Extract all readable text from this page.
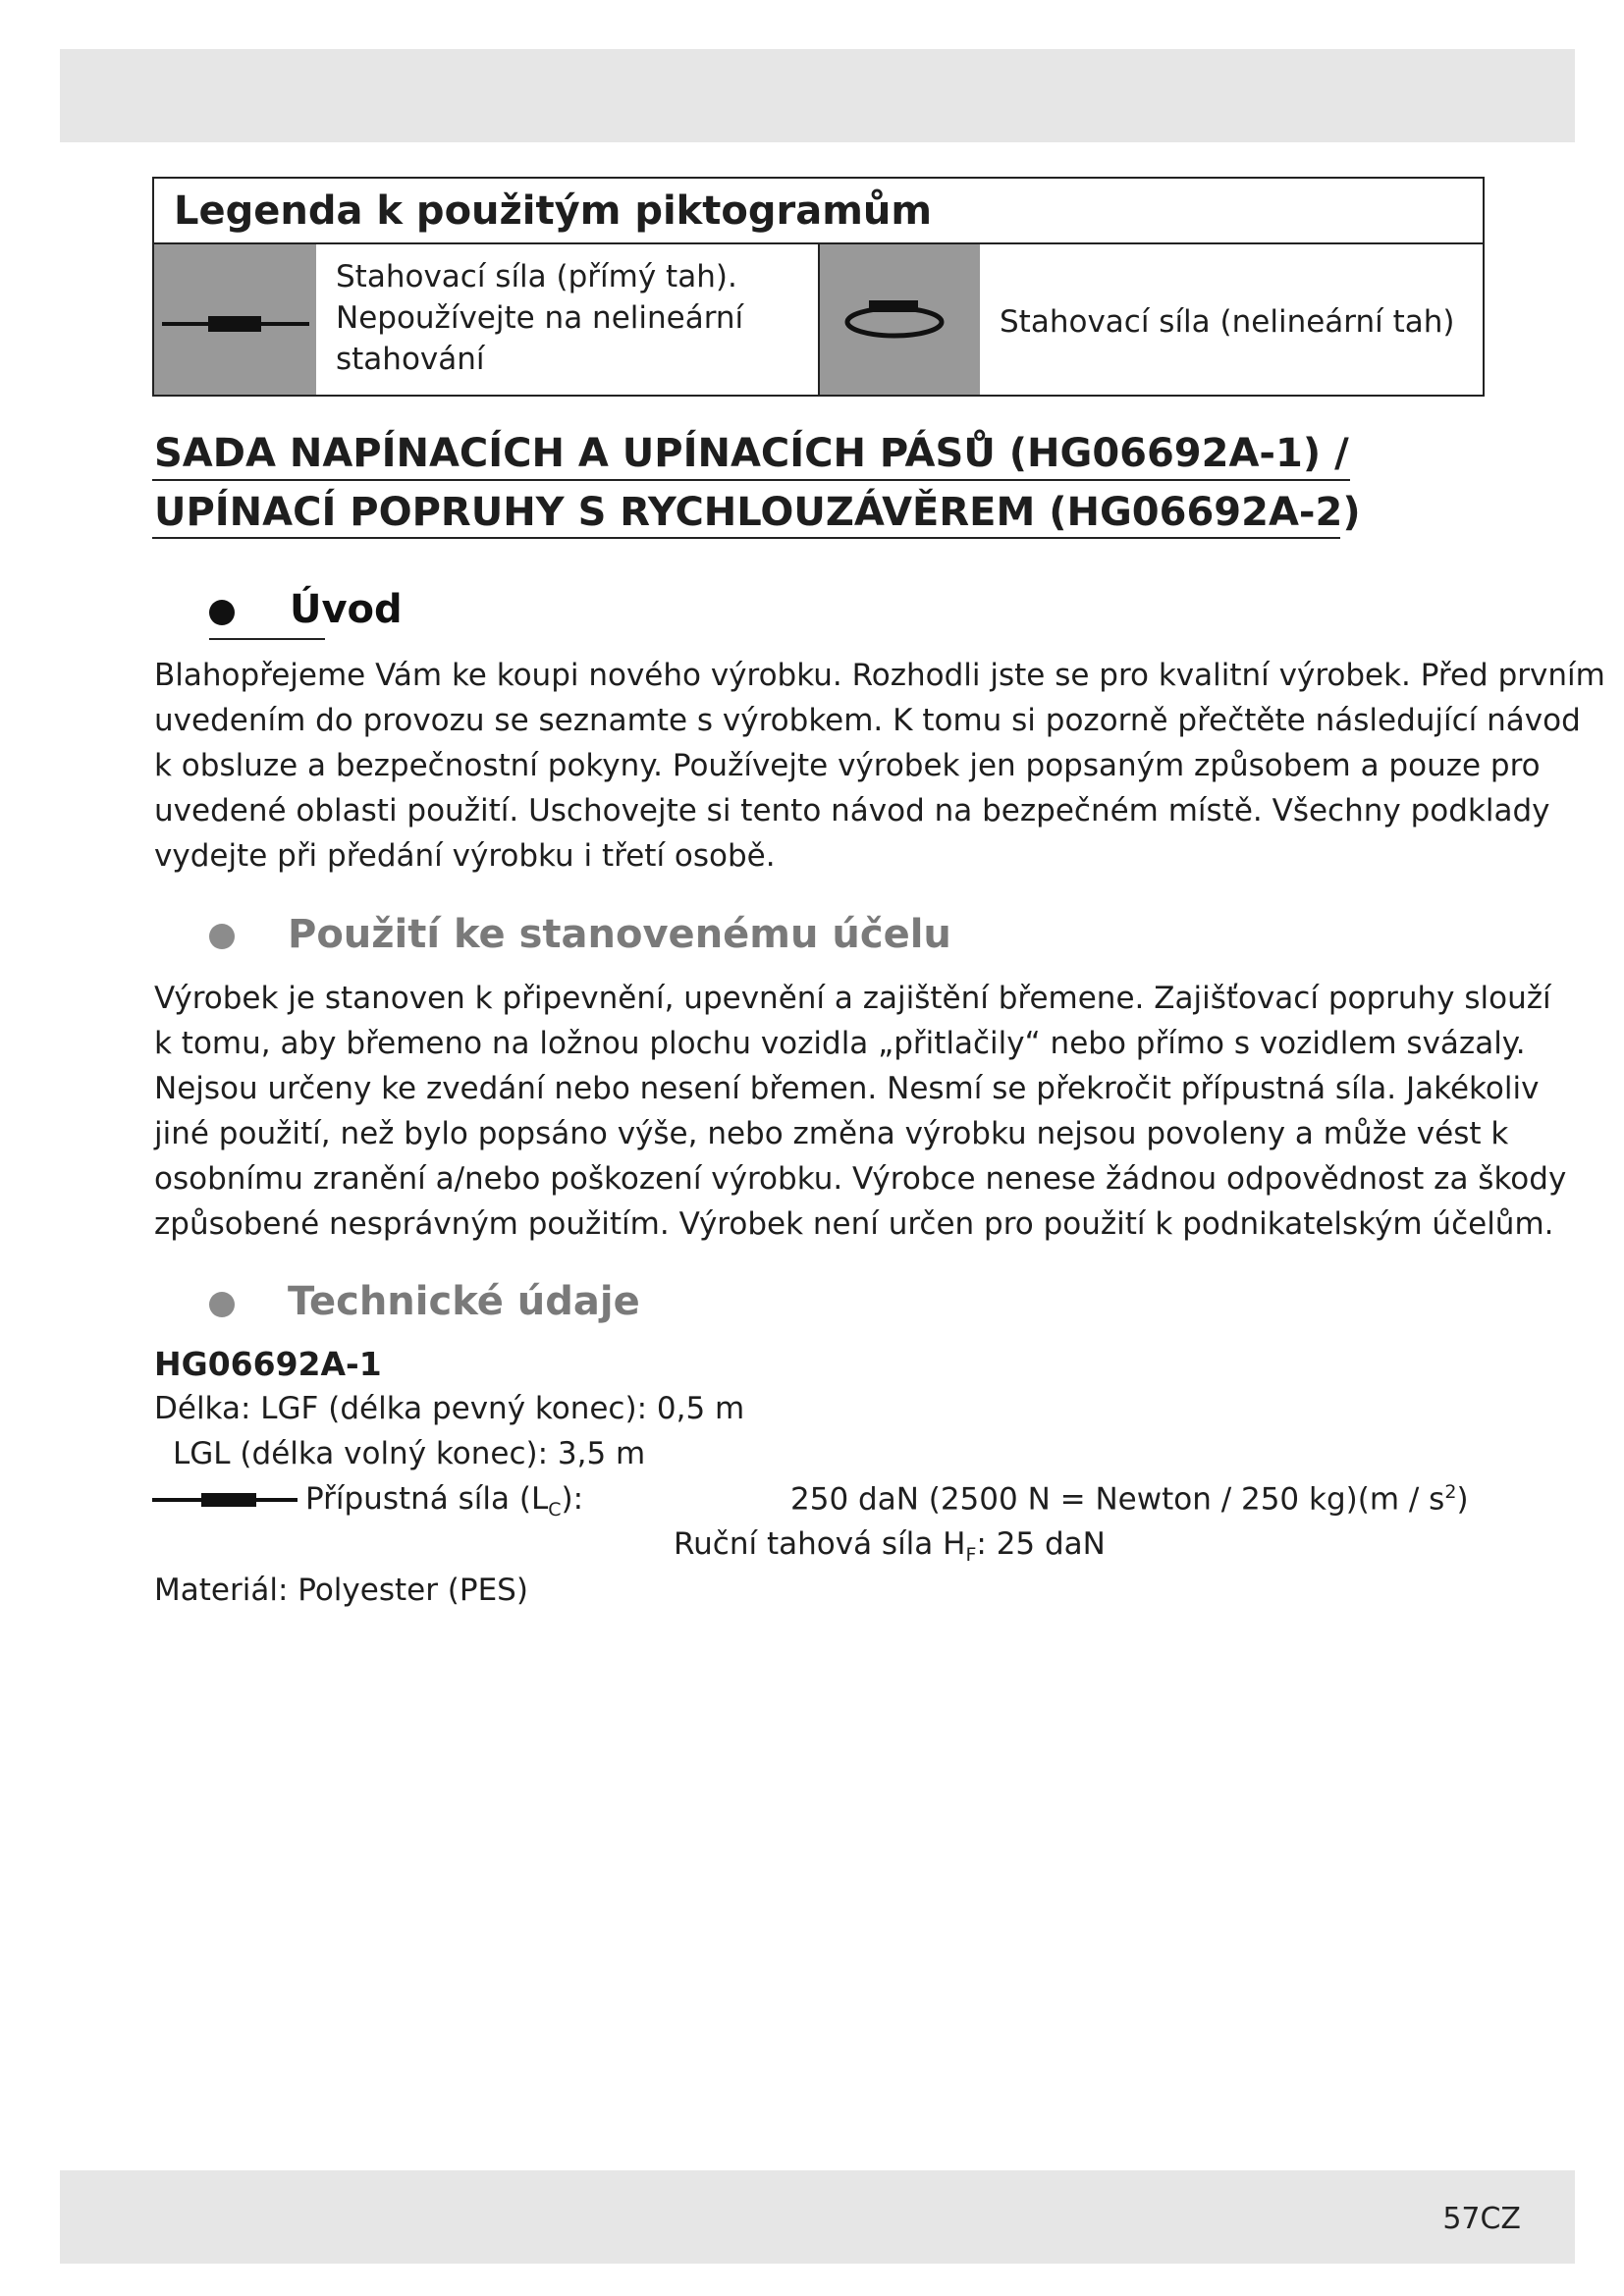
Legenda k použitým piktogramům
Stahovací síla (přímý tah).
Nepoužívejte na nelineární
stahování
Stahovací síla (nelineární tah)
SADA NAPÍNACÍCH A UPÍNACÍCH PÁSŮ (HG06692A-1) /
UPÍNACÍ POPRUHY S RYCHLOUZÁVĚREM (HG06692A-2)
Úvod
Blahopřejeme Vám ke koupi nového výrobku. Rozhodli jste se pro kvalitní výrobek. Před prvním
uvedením do provozu se seznamte s výrobkem. K tomu si pozorně přečtěte následující návod
k obsluze a bezpečnostní pokyny. Používejte výrobek jen popsaným způsobem a pouze pro
uvedené oblasti použití. Uschovejte si tento návod na bezpečném místě. Všechny podklady
vydejte při předání výrobku i třetí osobě.
Použití ke stanovenému účelu
Výrobek je stanoven k připevnění, upevnění a zajištění břemene. Zajišťovací popruhy slouží
k tomu, aby břemeno na ložnou plochu vozidla „přitlačily“ nebo přímo s vozidlem svázaly.
Nejsou určeny ke zvedání nebo nesení břemen. Nesmí se překročit přípustná síla. Jakékoliv
jiné použití, než bylo popsáno výše, nebo změna výrobku nejsou povoleny a může vést k
osobnímu zranění a/nebo poškození výrobku. Výrobce nenese žádnou odpovědnost za škody
způsobené nesprávným použitím. Výrobek není určen pro použití k podnikatelským účelům.
Technické údaje
HG06692A-1
Délka: LGF (délka pevný konec): 0,5 m
LGL (délka volný konec): 3,5 m
Přípustná síla $(L_C)$:	250 daN (2500 N = Newton / 250 $kg)(m / s^2)$
Ruční tahová síla $H_F$: 25 daN
Materiál: Polyester (PES)
57CZ
